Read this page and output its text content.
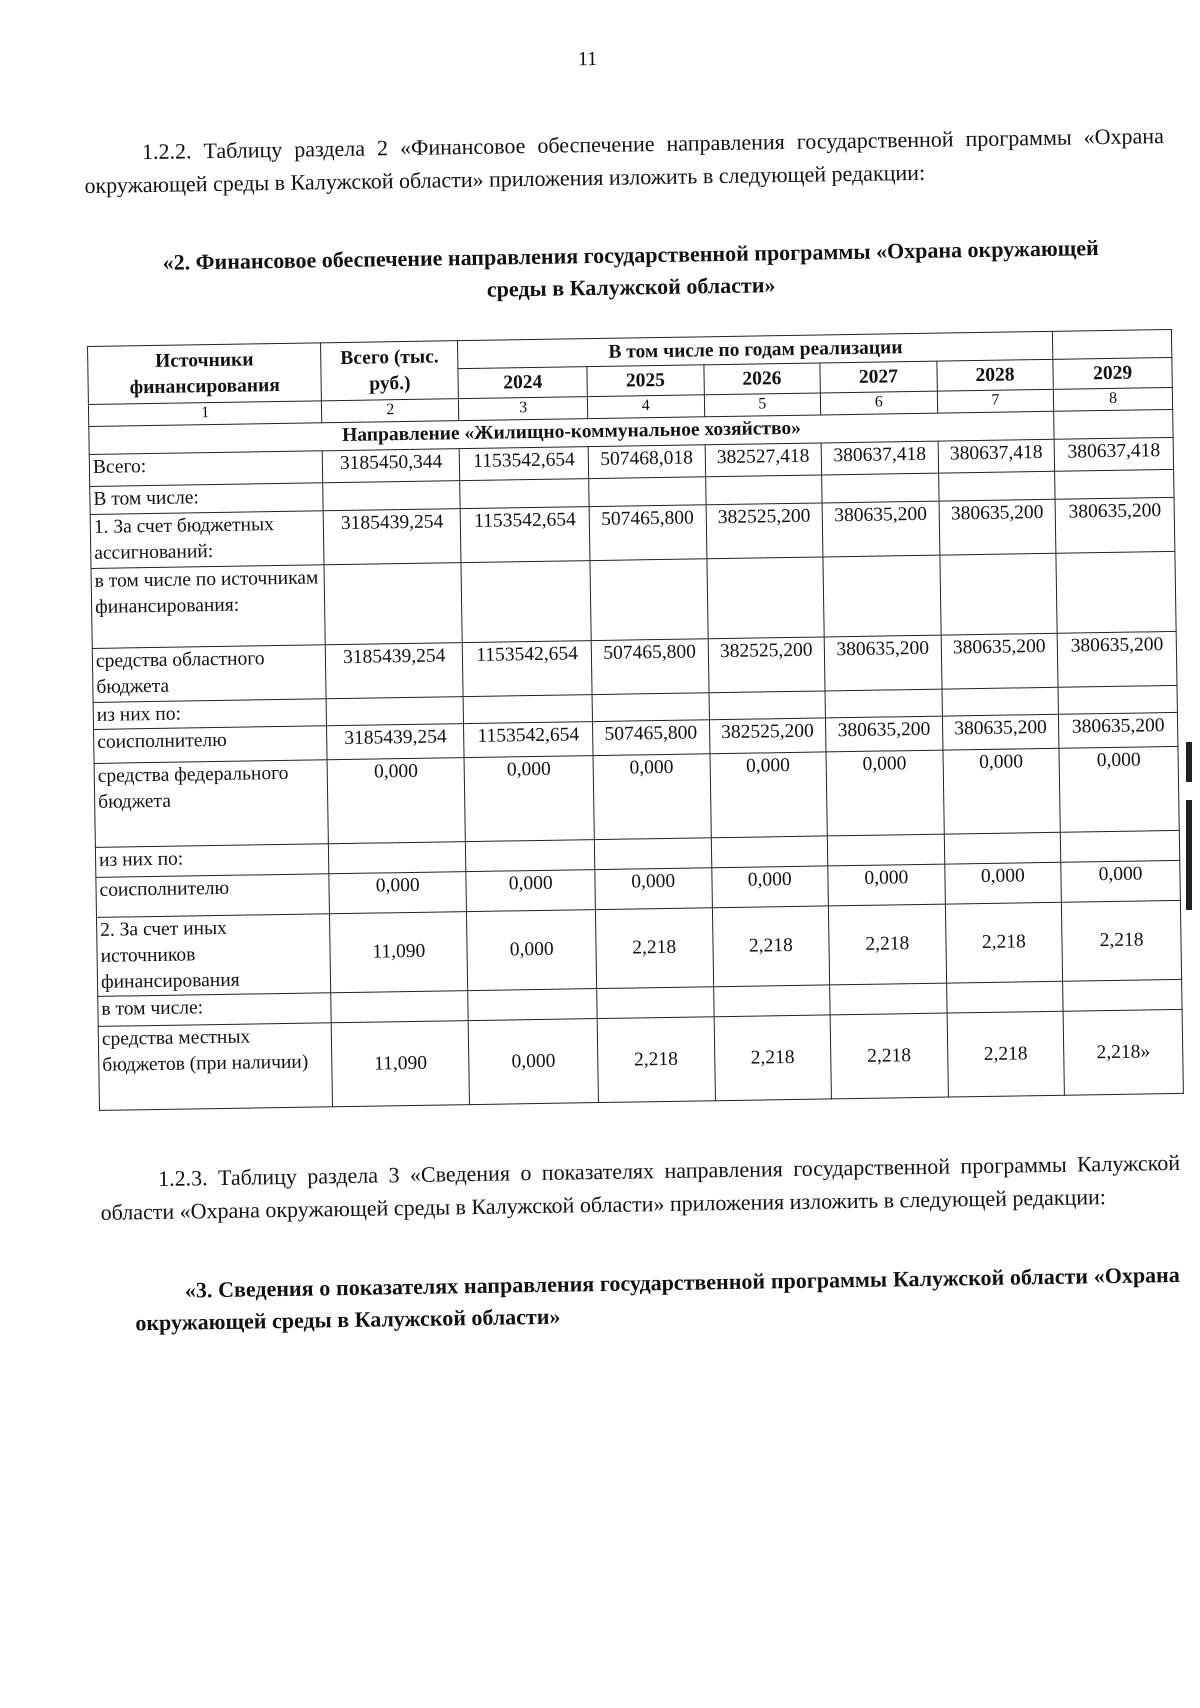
11
1.2.2. Таблицу раздела 2 «Финансовое обеспечение направления государственной программы «Охрана окружающей среды в Калужской области» приложения изложить в следующей редакции:
«2. Финансовое обеспечение направления государственной программы «Охрана окружающей среды в Калужской области»
Источники финансирования	Всего (тыс. руб.)	В том числе по годам реализации					
		2024	2025	2026	2027	2028	2029
1	2	3	4	5	6	7	8
Направление «Жилищно-коммунальное хозяйство»							
Всего:	3185450,344	1153542,654	507468,018	382527,418	380637,418	380637,418	380637,418
В том числе:							
1. За счет бюджетных ассигнований:	3185439,254	1153542,654	507465,800	382525,200	380635,200	380635,200	380635,200
в том числе по источникам финансирования:							
средства областного бюджета	3185439,254	1153542,654	507465,800	382525,200	380635,200	380635,200	380635,200
из них по:							
соисполнителю	3185439,254	1153542,654	507465,800	382525,200	380635,200	380635,200	380635,200
средства федерального бюджета	0,000	0,000	0,000	0,000	0,000	0,000	0,000
из них по:							
соисполнителю	0,000	0,000	0,000	0,000	0,000	0,000	0,000
2. За счет иных источников финансирования	11,090	0,000	2,218	2,218	2,218	2,218	2,218
в том числе:							
средства местных бюджетов (при наличии)	11,090	0,000	2,218	2,218	2,218	2,218	2,218»
1.2.3. Таблицу раздела 3 «Сведения о показателях направления государственной программы Калужской области «Охрана окружающей среды в Калужской области» приложения изложить в следующей редакции:
«3. Сведения о показателях направления государственной программы Калужской области «Охрана окружающей среды в Калужской области»
